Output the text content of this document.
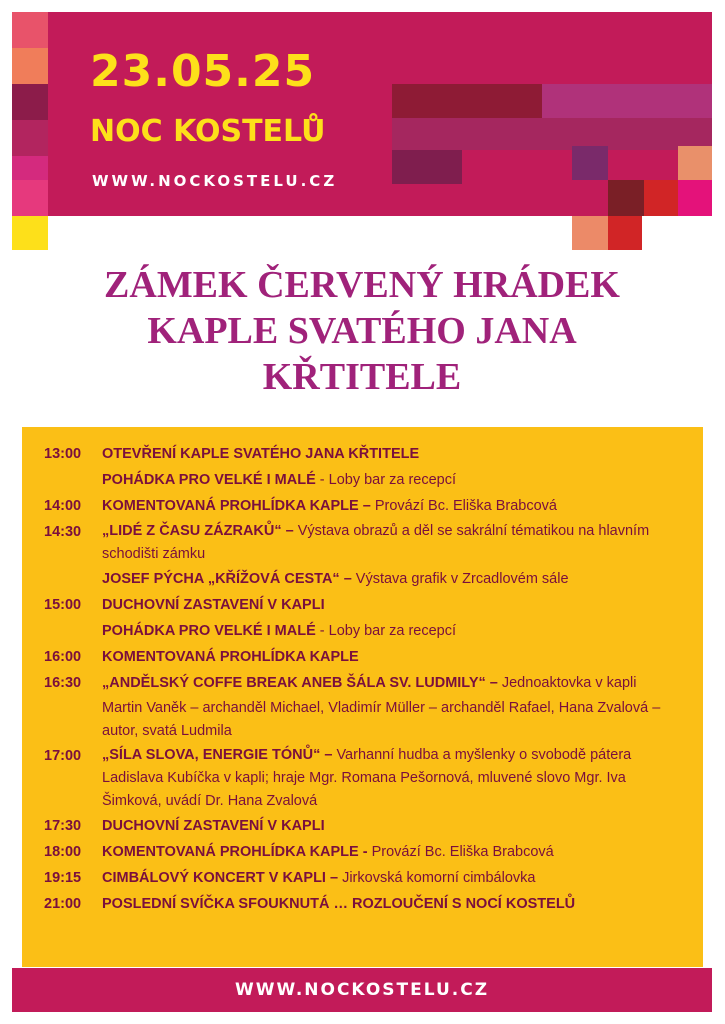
23.05.25
NOC KOSTELŮ
WWW.NOCKOSTELU.CZ
ZÁMEK ČERVENÝ HRÁDEK
KAPLE SVATÉHO JANA
KŘTITELE
13:00	OTEVŘENÍ KAPLE SVATÉHO JANA KŘTITELE
POHÁDKA PRO VELKÉ I MALÉ - Loby bar za recepcí
14:00	KOMENTOVANÁ PROHLÍDKA KAPLE – Provází Bc. Eliška Brabcová
14:30	„LIDÉ Z ČASU ZÁZRAKŮ“ – Výstava obrazů a děl se sakrální tématikou na hlavním schodišti zámku
JOSEF PÝCHA „KŘÍŽOVÁ CESTA“ – Výstava grafik v Zrcadlovém sále
15:00	DUCHOVNÍ ZASTAVENÍ V KAPLI
POHÁDKA PRO VELKÉ I MALÉ - Loby bar za recepcí
16:00	KOMENTOVANÁ PROHLÍDKA KAPLE
16:30	„ANDĚLSKÝ COFFE BREAK ANEB ŠÁLA SV. LUDMILY“ – Jednoaktovka v kapli
Martin Vaněk – archanděl Michael, Vladimír Müller – archanděl Rafael, Hana Zvalová – autor, svatá Ludmila
17:00	„SÍLA SLOVA, ENERGIE TÓNŮ“ – Varhanní hudba a myšlenky o svobodě pátera Ladislava Kubíčka v kapli; hraje Mgr. Romana Pešornová, mluvené slovo Mgr. Iva Šimková, uvádí Dr. Hana Zvalová
17:30	DUCHOVNÍ ZASTAVENÍ V KAPLI
18:00	KOMENTOVANÁ PROHLÍDKA KAPLE - Provází Bc. Eliška Brabcová
19:15	CIMBÁLOVÝ KONCERT V KAPLI – Jirkovská komorní cimbálovka
21:00	POSLEDNÍ SVÍČKA SFOUKNUTÁ … ROZLOUČENÍ S NOCÍ KOSTELŮ
WWW.NOCKOSTELU.CZ
